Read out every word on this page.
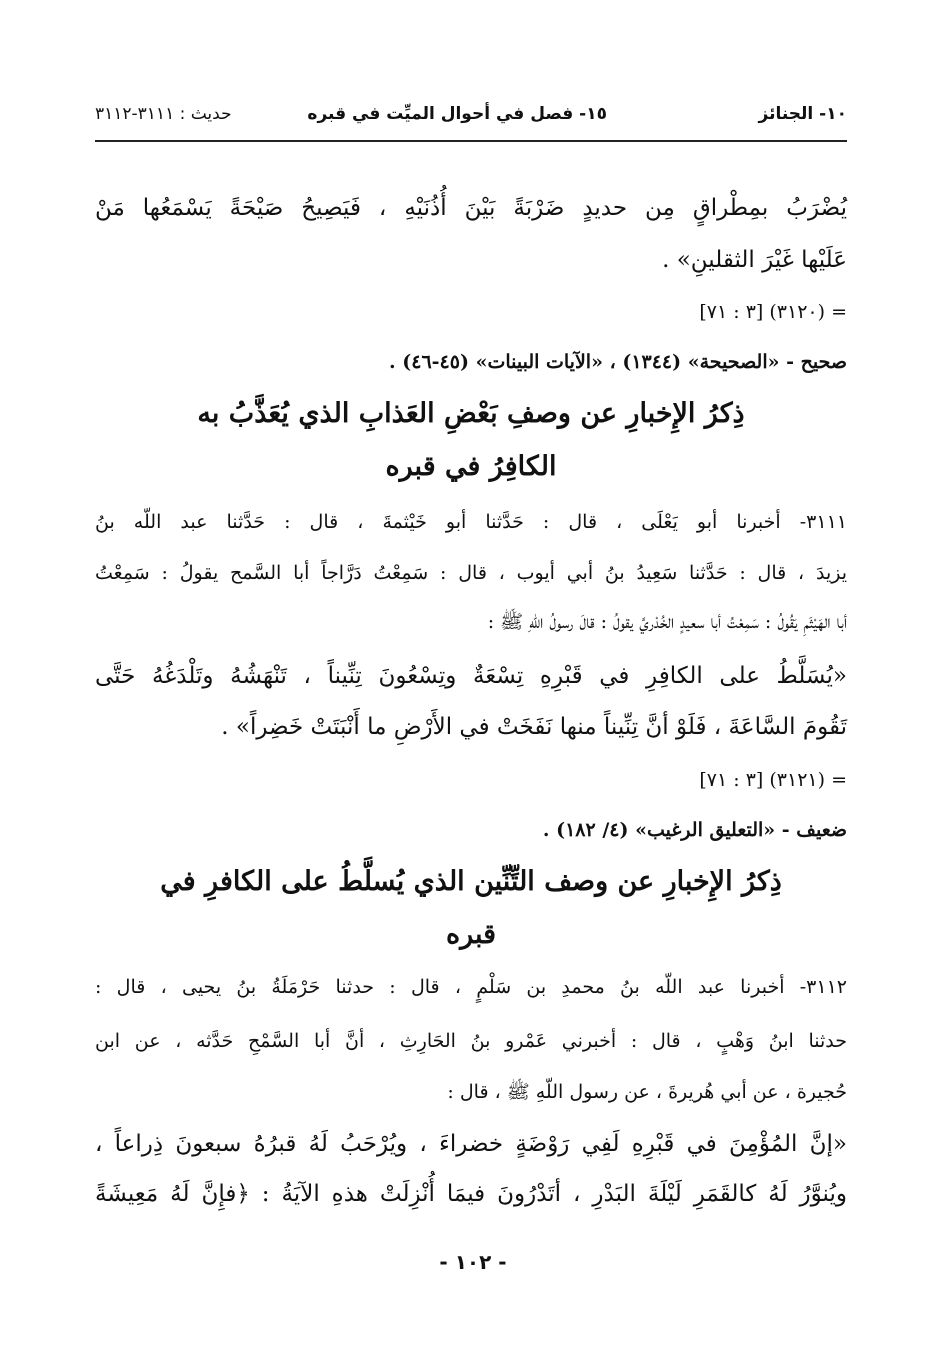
١٠- الجنائز
١٥- فصل في أحوال الميِّت في قبره
حديث : ٣١١١-٣١١٢
يُضْرَبُ بمِطْراقٍ مِن حديدٍ ضَرْبَةً بَيْنَ أُذُنَيْهِ ، فَيَصِيحُ صَيْحَةً يَسْمَعُها مَنْ
عَلَيْها غَيْرَ الثقلينِ» .
= (٣١٢٠) [٣ : ٧١]
صحيح - «الصحيحة» (١٣٤٤) ، «الآيات البينات» (٤٥-٤٦) .
ذِكرُ الإِخبارِ عن وصفِ بَعْضِ العَذابِ الذي يُعَذَّبُ به
الكافِرُ في قبره
٣١١١- أخبرنا أبو يَعْلَى ، قال : حَدَّثنا أبو خَيْثمةَ ، قال : حَدَّثنا عبد اللّه بنُ
يزيدَ ، قال : حَدَّثنا سَعِيدُ بنُ أبي أيوب ، قال : سَمِعْتُ دَرَّاجاً أبا السَّمح يقولُ : سَمِعْتُ
أبا الهَيْثَمِ يَقُولُ : سَمِعْتُ أبا سعيدٍ الخُدْريَّ يقولُ : قالَ رسولُ اللّهِ ﷺ :
«يُسَلَّطُ على الكافِرِ في قَبْرِهِ تِسْعَةٌ وتِسْعُونَ تِنِّيناً ، تَنْهَشُهُ وتَلْدَغُهُ حَتَّى
تَقُومَ السَّاعَةَ ، فَلَوْ أنَّ تِنِّيناً منها نَفَخَتْ في الأَرْضِ ما أَنْبَتَتْ خَضِراً» .
= (٣١٢١) [٣ : ٧١]
ضعيف - «التعليق الرغيب» (٤/ ١٨٢) .
ذِكرُ الإِخبارِ عن وصف التِّنِّين الذي يُسلَّطُ على الكافرِ في
قبره
٣١١٢- أخبرنا عبد اللّه بنُ محمدِ بن سَلْمٍ ، قال : حدثنا حَرْمَلَةُ بنُ يحيى ، قال :
حدثنا ابنُ وَهْبٍ ، قال : أخبرني عَمْرو بنُ الحَارِثِ ، أنَّ أبا السَّمْحِ حَدَّثه ، عن ابن
حُجيرة ، عن أبي هُريرةَ ، عن رسول اللّهِ ﷺ ، قال :
«إنَّ المُؤْمِنَ في قَبْرِهِ لَفِي رَوْضَةٍ خضراءَ ، ويُرْحَبُ لَهُ قبرُهُ سبعونَ ذِراعاً ،
ويُنوَّرُ لَهُ كالقَمَرِ لَيْلَةَ البَدْرِ ، أتَدْرُونَ فيمَا أُنْزِلَتْ هذهِ الآيَةُ : ﴿فإِنَّ لَهُ مَعِيشَةً
- ١٠٢ -
